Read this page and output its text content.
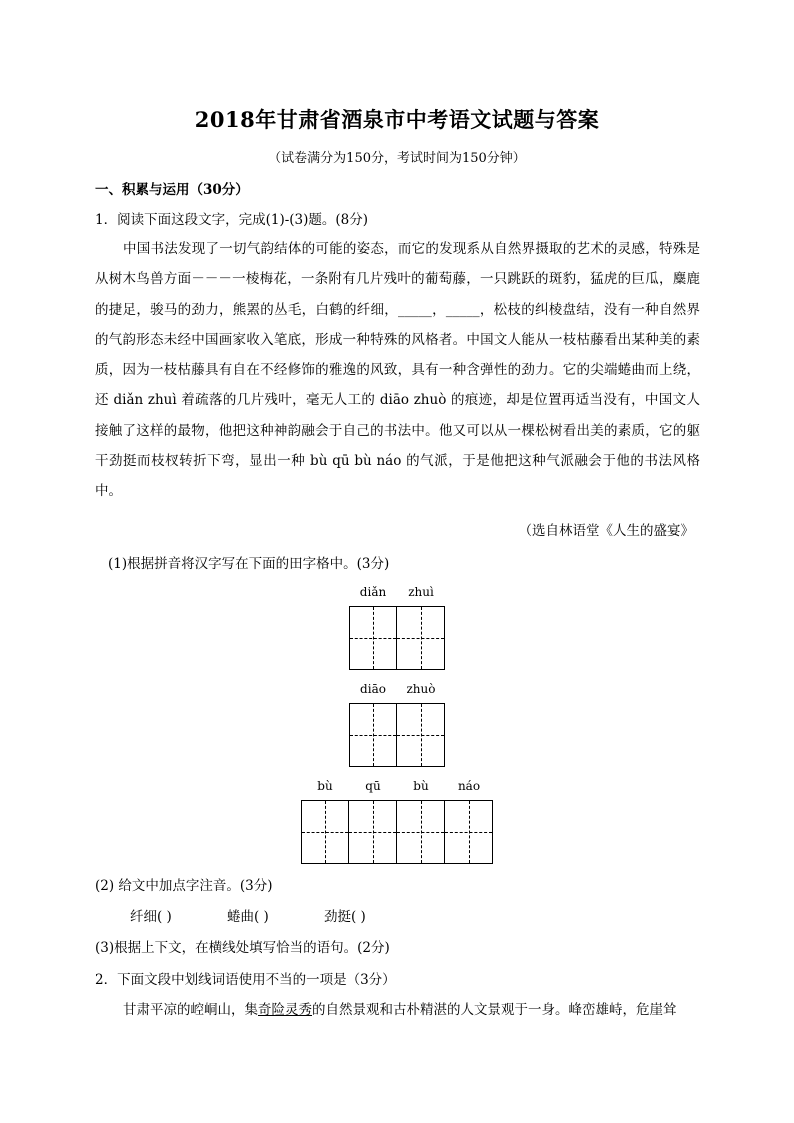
2018年甘肃省酒泉市中考语文试题与答案
（试卷满分为150分，考试时间为150分钟）
一、积累与运用（30分）
1．阅读下面这段文字，完成(1)-(3)题。(8分)
中国书法发现了一切气韵结体的可能的姿态，而它的发现系从自然界摄取的艺术的灵感，特殊是从树木鸟兽方面－－－一棱梅花，一条附有几片残叶的葡萄藤，一只跳跃的斑豹，猛虎的巨瓜，麋鹿的捷足，骏马的劲力，熊罴的丛毛，白鹤的纤细，_____，_____，松枝的纠棱盘结，没有一种自然界的气韵形态未经中国画家收入笔底，形成一种特殊的风格者。中国文人能从一枝枯藤看出某种美的素质，因为一枝枯藤具有自在不经修饰的雅逸的风致，具有一种含弹性的劲力。它的尖端蜷曲而上绕，还 diǎn zhuì 着疏落的几片残叶，毫无人工的 diāo zhuò 的痕迹，却是位置再适当没有，中国文人接触了这样的最物，他把这种神韵融会于自己的书法中。他又可以从一棵松树看出美的素质，它的躯干劲挺而枝杈转折下弯，显出一种 bù qū bù náo 的气派，于是他把这种气派融会于他的书法风格中。
（选自林语堂《人生的盛宴》
(1)根据拼音将汉字写在下面的田字格中。(3分)
diǎn	zhuì
diāo	zhuò
bù	qū	bù	náo
(2) 给文中加点字注音。(3分)
纤细( )	蜷曲( )	劲挺( )
(3)根据上下文，在横线处填写恰当的语句。(2分)
2．下面文段中划线词语使用不当的一项是（3分）
甘肃平凉的崆峒山，集奇险灵秀的自然景观和古朴精湛的人文景观于一身。峰峦雄峙，危崖耸
